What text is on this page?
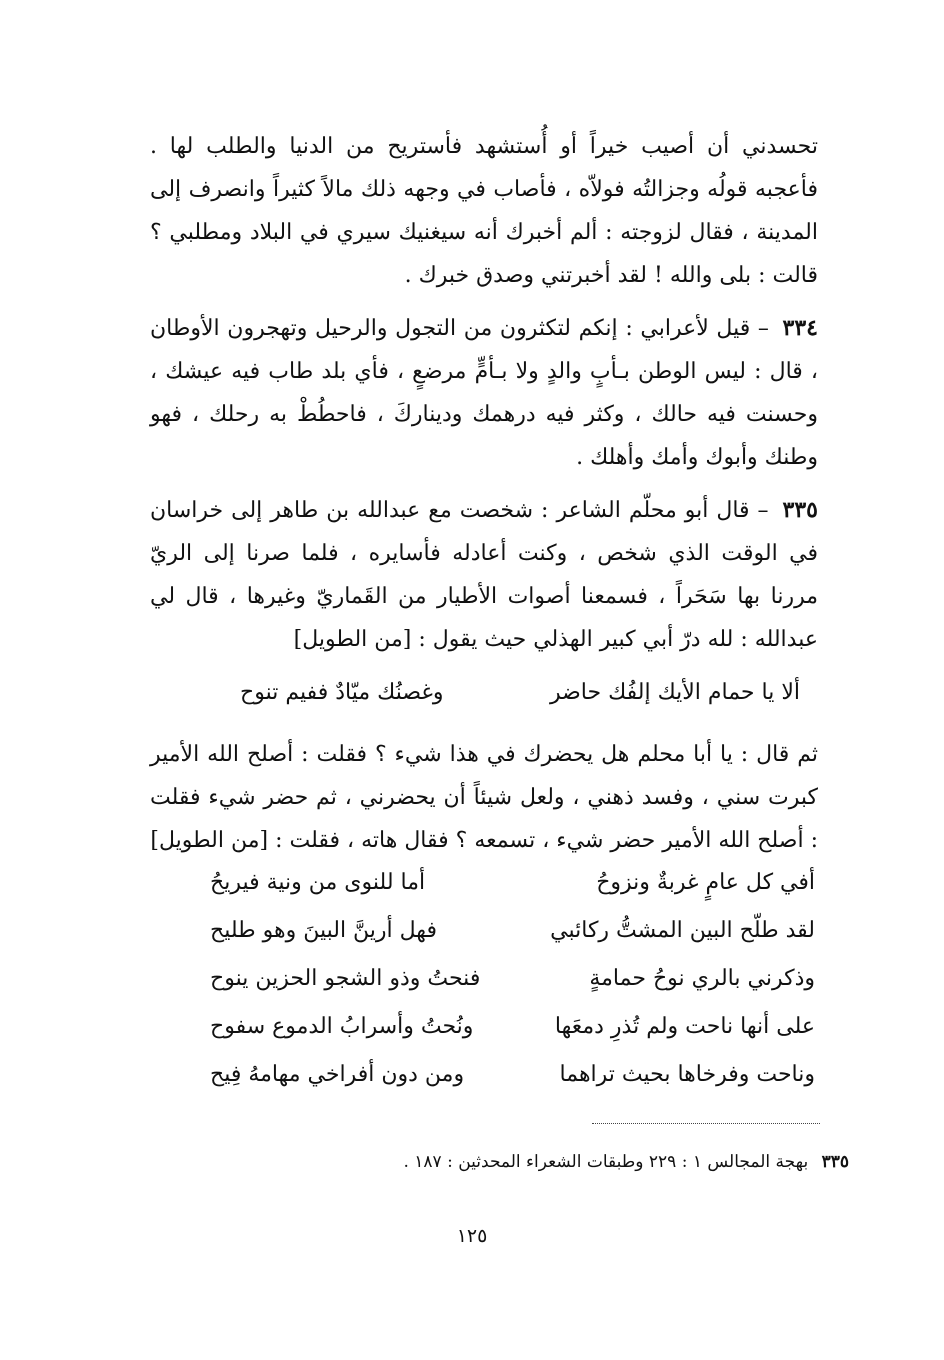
تحسدني أن أصيب خيراً أو أُستشهد فأستريح من الدنيا والطلب لها . فأعجبه قولُه وجزالتُه فولاّه ، فأصاب في وجهه ذلك مالاً كثيراً وانصرف إلى المدينة ، فقال لزوجته : ألم أخبرك أنه سيغنيك سيري في البلاد ومطلبي ؟ قالت : بلى والله ! لقد أخبرتني وصدق خبرك .

٣٣٤ – قيل لأعرابي : إنكم لتكثرون من التجول والرحيل وتهجرون الأوطان ، قال : ليس الوطن بـأبٍ والدٍ ولا بـأمٍّ مرضعٍ ، فأي بلد طاب فيه عيشك ، وحسنت فيه حالك ، وكثر فيه درهمك وديناركَ ، فاحطُطْ به رحلك ، فهو وطنك وأبوك وأمك وأهلك .

٣٣٥ – قال أبو محلّم الشاعر : شخصت مع عبدالله بن طاهر إلى خراسان في الوقت الذي شخص ، وكنت أعادله فأسايره ، فلما صرنا إلى الريّ مررنا بها سَحَراً ، فسمعنا أصوات الأطيار من القَماريّ وغيرها ، قال لي عبدالله : لله درّ أبي كبير الهذلي حيث يقول : [من الطويل]

ألا يا حمام الأيك إلفُك حاضر
وغصنُك ميّادٌ ففيم تنوح

ثم قال : يا أبا محلم هل يحضرك في هذا شيء ؟ فقلت : أصلح الله الأمير كبرت سني ، وفسد ذهني ، ولعل شيئاً أن يحضرني ، ثم حضر شيء فقلت : أصلح الله الأمير حضر شيء ، تسمعه ؟ فقال هاته ، فقلت : [من الطويل]

أفي كل عامٍ غربةٌ ونزوحُ
أما للنوى من ونية فيريحُ
لقد طلّح البين المشتُّ ركائبي
فهل أرينَّ البينَ وهو طليح
وذكرني بالري نوحُ حمامةٍ
فنحتُ وذو الشجو الحزين ينوح
على أنها ناحت ولم تُذرِ دمعَها
ونُحتُ وأسرابُ الدموع سفوح
وناحت وفرخاها بحيث تراهما
ومن دون أفراخي مهامهُ فِيح
٣٣٥ بهجة المجالس ١ : ٢٢٩ وطبقات الشعراء المحدثين : ١٨٧ .
١٢٥
